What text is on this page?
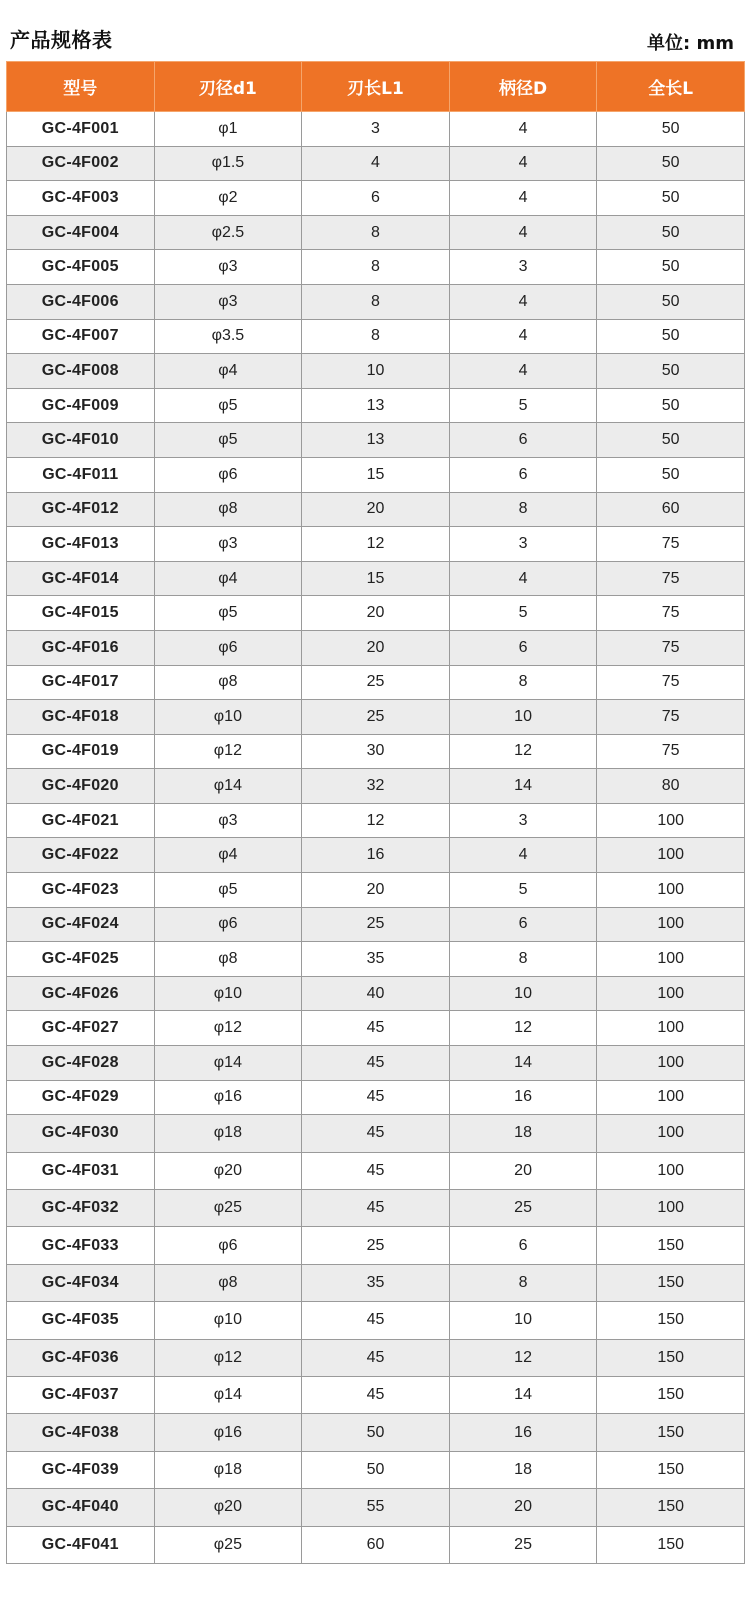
产品规格表	单位: mm
型号	刃径d1	刃长L1	柄径D	全长L
GC-4F001	φ1	3	4	50
GC-4F002	φ1.5	4	4	50
GC-4F003	φ2	6	4	50
GC-4F004	φ2.5	8	4	50
GC-4F005	φ3	8	3	50
GC-4F006	φ3	8	4	50
GC-4F007	φ3.5	8	4	50
GC-4F008	φ4	10	4	50
GC-4F009	φ5	13	5	50
GC-4F010	φ5	13	6	50
GC-4F011	φ6	15	6	50
GC-4F012	φ8	20	8	60
GC-4F013	φ3	12	3	75
GC-4F014	φ4	15	4	75
GC-4F015	φ5	20	5	75
GC-4F016	φ6	20	6	75
GC-4F017	φ8	25	8	75
GC-4F018	φ10	25	10	75
GC-4F019	φ12	30	12	75
GC-4F020	φ14	32	14	80
GC-4F021	φ3	12	3	100
GC-4F022	φ4	16	4	100
GC-4F023	φ5	20	5	100
GC-4F024	φ6	25	6	100
GC-4F025	φ8	35	8	100
GC-4F026	φ10	40	10	100
GC-4F027	φ12	45	12	100
GC-4F028	φ14	45	14	100
GC-4F029	φ16	45	16	100
GC-4F030	φ18	45	18	100
GC-4F031	φ20	45	20	100
GC-4F032	φ25	45	25	100
GC-4F033	φ6	25	6	150
GC-4F034	φ8	35	8	150
GC-4F035	φ10	45	10	150
GC-4F036	φ12	45	12	150
GC-4F037	φ14	45	14	150
GC-4F038	φ16	50	16	150
GC-4F039	φ18	50	18	150
GC-4F040	φ20	55	20	150
GC-4F041	φ25	60	25	150
